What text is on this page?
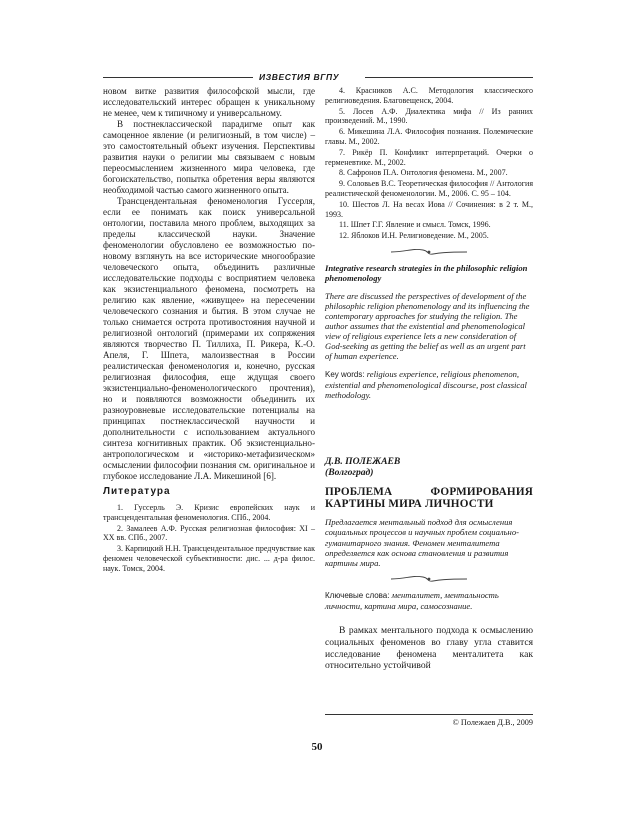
ИЗВЕСТИЯ ВГПУ

новом витке развития философской мысли, где исследовательский интерес обращен к уникальному не менее, чем к типичному и универсальному.

В постнеклассической парадигме опыт как самоценное явление (и религиозный, в том числе) – это самостоятельный объект изучения. Перспективы развития науки о религии мы связываем с новым переосмыслением жизненного мира человека, где богоискательство, попытка обретения веры являются необходимой частью самого жизненного опыта.

Трансцендентальная феноменология Гуссерля, если ее понимать как поиск универсальной онтологии, поставила много проблем, выходящих за пределы классической науки. Значение феноменологии обусловлено ее возможностью по-новому взглянуть на все исторические многообразие человеческого опыта, объединить различные исследовательские подходы с восприятием человека как экзистенциального феномена, посмотреть на религию как явление, «живущее» на пересечении человеческого сознания и бытия. В этом случае не только снимается острота противостояния научной и религиозной онтологий (примерами их сопряжения являются творчество П. Тиллиха, П. Рикера, К.-О. Апеля, Г. Шпета, малоизвестная в России реалистическая феноменология и, конечно, русская религиозная философия, еще ждущая своего экзистенциально-феноменологического прочтения), но и появляются возможности объединить их разноуровневые исследовательские потенциалы на принципах постнеклассической научности и дополнительности с использованием актуального синтеза когнитивных практик. Об экзистенциально-антропологическом и «историко-метафизическом» осмыслении философии познания см. оригинальное и глубокое исследование Л.А. Микешиной [6].

Литература

1. Гуссерль Э. Кризис европейских наук и трансцендентальная феноменология. СПб., 2004.

2. Замалеев А.Ф. Русская религиозная философия: XI – XX вв. СПб., 2007.

3. Карпицкий Н.Н. Трансцендентальное предчувствие как феномен человеческой субъективности: дис. ... д-ра филос. наук. Томск, 2004.

4. Красников А.С. Методология классического религиоведения. Благовещенск, 2004.

5. Лосев А.Ф. Диалектика мифа // Из ранних произведений. М., 1990.

6. Микешина Л.А. Философия познания. Полемические главы. М., 2002.

7. Рикёр П. Конфликт интерпретаций. Очерки о герменевтике. М., 2002.

8. Сафронов П.А. Онтология феномена. М., 2007.

9. Соловьев В.С. Теоретическая философия // Антология реалистической феноменологии. М., 2006. С. 95 – 104.

10. Шестов Л. На весах Иова // Сочинения: в 2 т. М., 1993.

11. Шпет Г.Г. Явление и смысл. Томск, 1996.

12. Яблоков И.Н. Религиоведение. М., 2005.

Integrative research strategies in the philosophic religion phenomenology

There are discussed the perspectives of development of the philosophic religion phenomenology and its influencing the contemporary approaches for studying the religion. The author assumes that the existential and phenomenological view of religious experience lets a new consideration of God-seeking as getting the belief as well as an urgent part of human experience.

Key words: religious experience, religious phenomenon, existential and phenomenological discourse, post classical methodology.

Д.В. ПОЛЕЖАЕВ

(Волгоград)

ПРОБЛЕМА ФОРМИРОВАНИЯ КАРТИНЫ МИРА ЛИЧНОСТИ

Предлагается ментальный подход для осмысления социальных процессов и научных проблем социально-гуманитарного знания. Феномен менталитета определяется как основа становления и развития картины мира.

Ключевые слова: менталитет, ментальность личности, картина мира, самосознание.

В рамках ментального подхода к осмыслению социальных феноменов во главу угла ставится исследование феномена менталитета как относительно устойчивой

© Полежаев Д.В., 2009
50
